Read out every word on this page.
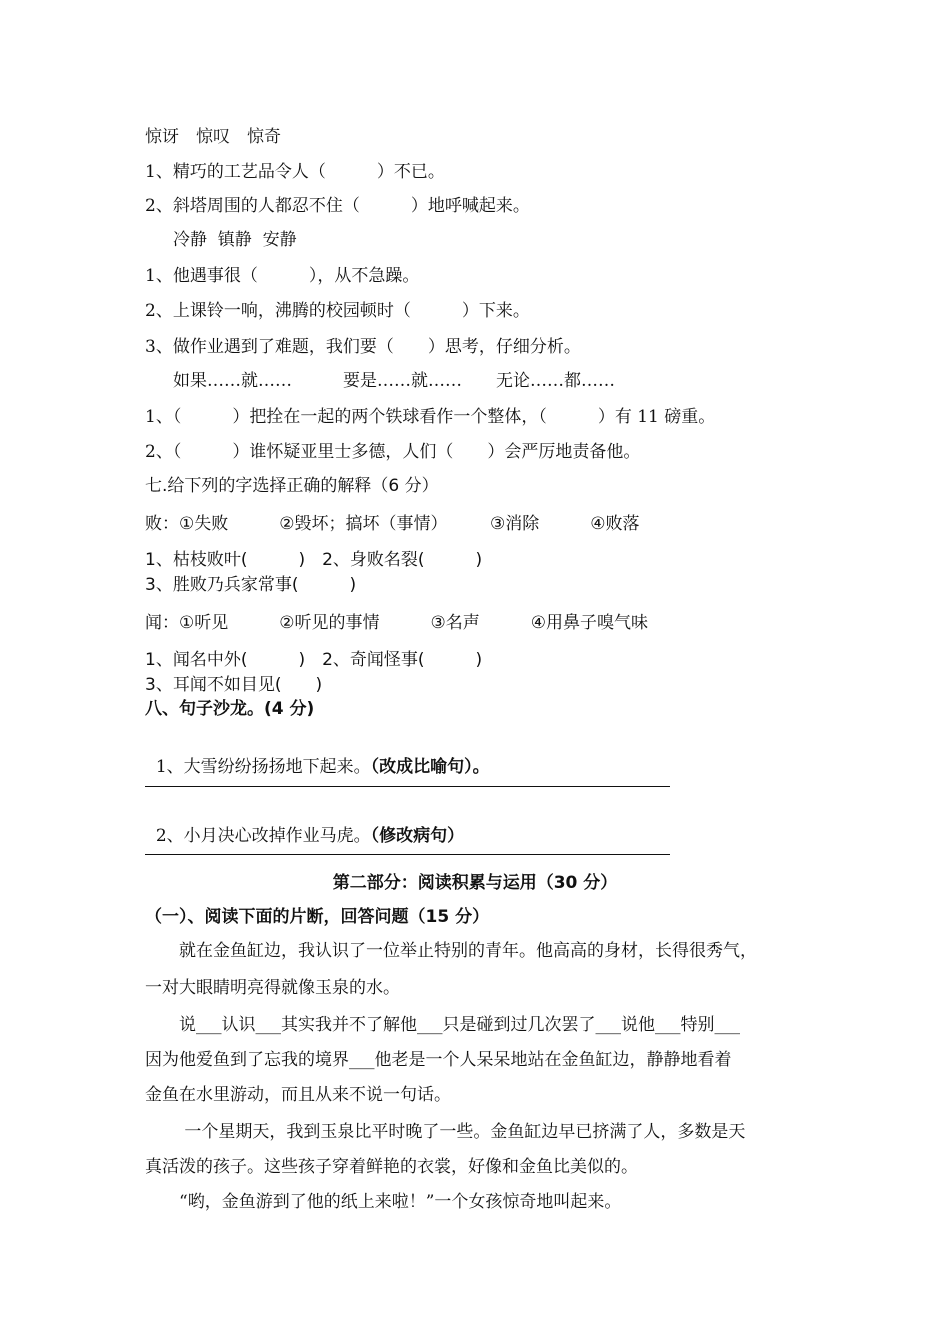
惊讶　惊叹　惊奇
1、精巧的工艺品令人（　　　）不已。
2、斜塔周围的人都忍不住（　　　）地呼喊起来。
冷静  镇静  安静
1、他遇事很（　　　），从不急躁。
2、上课铃一响，沸腾的校园顿时（　　　）下来。
3、做作业遇到了难题，我们要（　　）思考，仔细分析。
如果……就……　　　要是……就……　　无论……都……
1、（　　　）把拴在一起的两个铁球看作一个整体，（　　　）有 11 磅重。
2、（　　　）谁怀疑亚里士多德，人们（　　）会严厉地责备他。
七.给下列的字选择正确的解释（6 分）
败：①失败　　　②毁坏；搞坏（事情）　　　③消除　　　④败落
1、枯枝败叶(　　　)　2、身败名裂(　　　)
3、胜败乃兵家常事(　　　)
闻：①听见　　　②听见的事情　　　③名声　　　④用鼻子嗅气味
1、闻名中外(　　　)　2、奇闻怪事(　　　)
3、耳闻不如目见(　　)
八、句子沙龙。(4 分)

1、大雪纷纷扬扬地下起来。（改成比喻句）。

2、小月决心改掉作业马虎。（修改病句）

第二部分：阅读积累与运用（30 分）
（一）、阅读下面的片断，回答问题（15 分）
　　就在金鱼缸边，我认识了一位举止特别的青年。他高高的身材，长得很秀气，
一对大眼睛明亮得就像玉泉的水。
　　说___认识___其实我并不了解他___只是碰到过几次罢了___说他___特别___
因为他爱鱼到了忘我的境界___他老是一个人呆呆地站在金鱼缸边，静静地看着
金鱼在水里游动，而且从来不说一句话。
　　 一个星期天，我到玉泉比平时晚了一些。金鱼缸边早已挤满了人，多数是天
真活泼的孩子。这些孩子穿着鲜艳的衣裳，好像和金鱼比美似的。
　　“哟，金鱼游到了他的纸上来啦！”一个女孩惊奇地叫起来。
